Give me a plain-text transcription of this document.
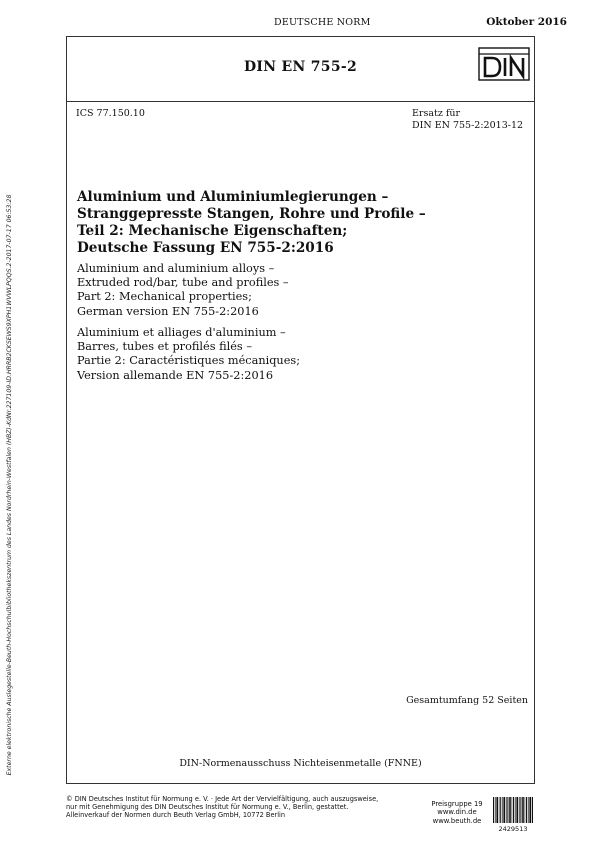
DEUTSCHE NORM	Oktober 2016
Externe elektronische Auslegestelle-Beuth-Hochschulbibliothekszentrum des Landes Nordrhein-Westfalen (HBZ)-KdNr.227109-ID.HRRB2CKSEWS9XPH1WVWLPQQS.2-2017-07-17 06:53:28
DIN EN 755-2
ICS 77.150.10	Ersatz für
DIN EN 755-2:2013-12
Aluminium und Aluminiumlegierungen –
Stranggepresste Stangen, Rohre und Profile –
Teil 2: Mechanische Eigenschaften;
Deutsche Fassung EN 755-2:2016
Aluminium and aluminium alloys –
Extruded rod/bar, tube and profiles –
Part 2: Mechanical properties;
German version EN 755-2:2016
Aluminium et alliages d'aluminium –
Barres, tubes et profilés filés –
Partie 2: Caractéristiques mécaniques;
Version allemande EN 755-2:2016
Gesamtumfang 52 Seiten
DIN-Normenausschuss Nichteisenmetalle (FNNE)
© DIN Deutsches Institut für Normung e. V. · Jede Art der Vervielfältigung, auch auszugsweise,
nur mit Genehmigung des DIN Deutsches Institut für Normung e. V., Berlin, gestattet.
Alleinverkauf der Normen durch Beuth Verlag GmbH, 10772 Berlin
Preisgruppe 19
www.din.de
www.beuth.de
2429513
